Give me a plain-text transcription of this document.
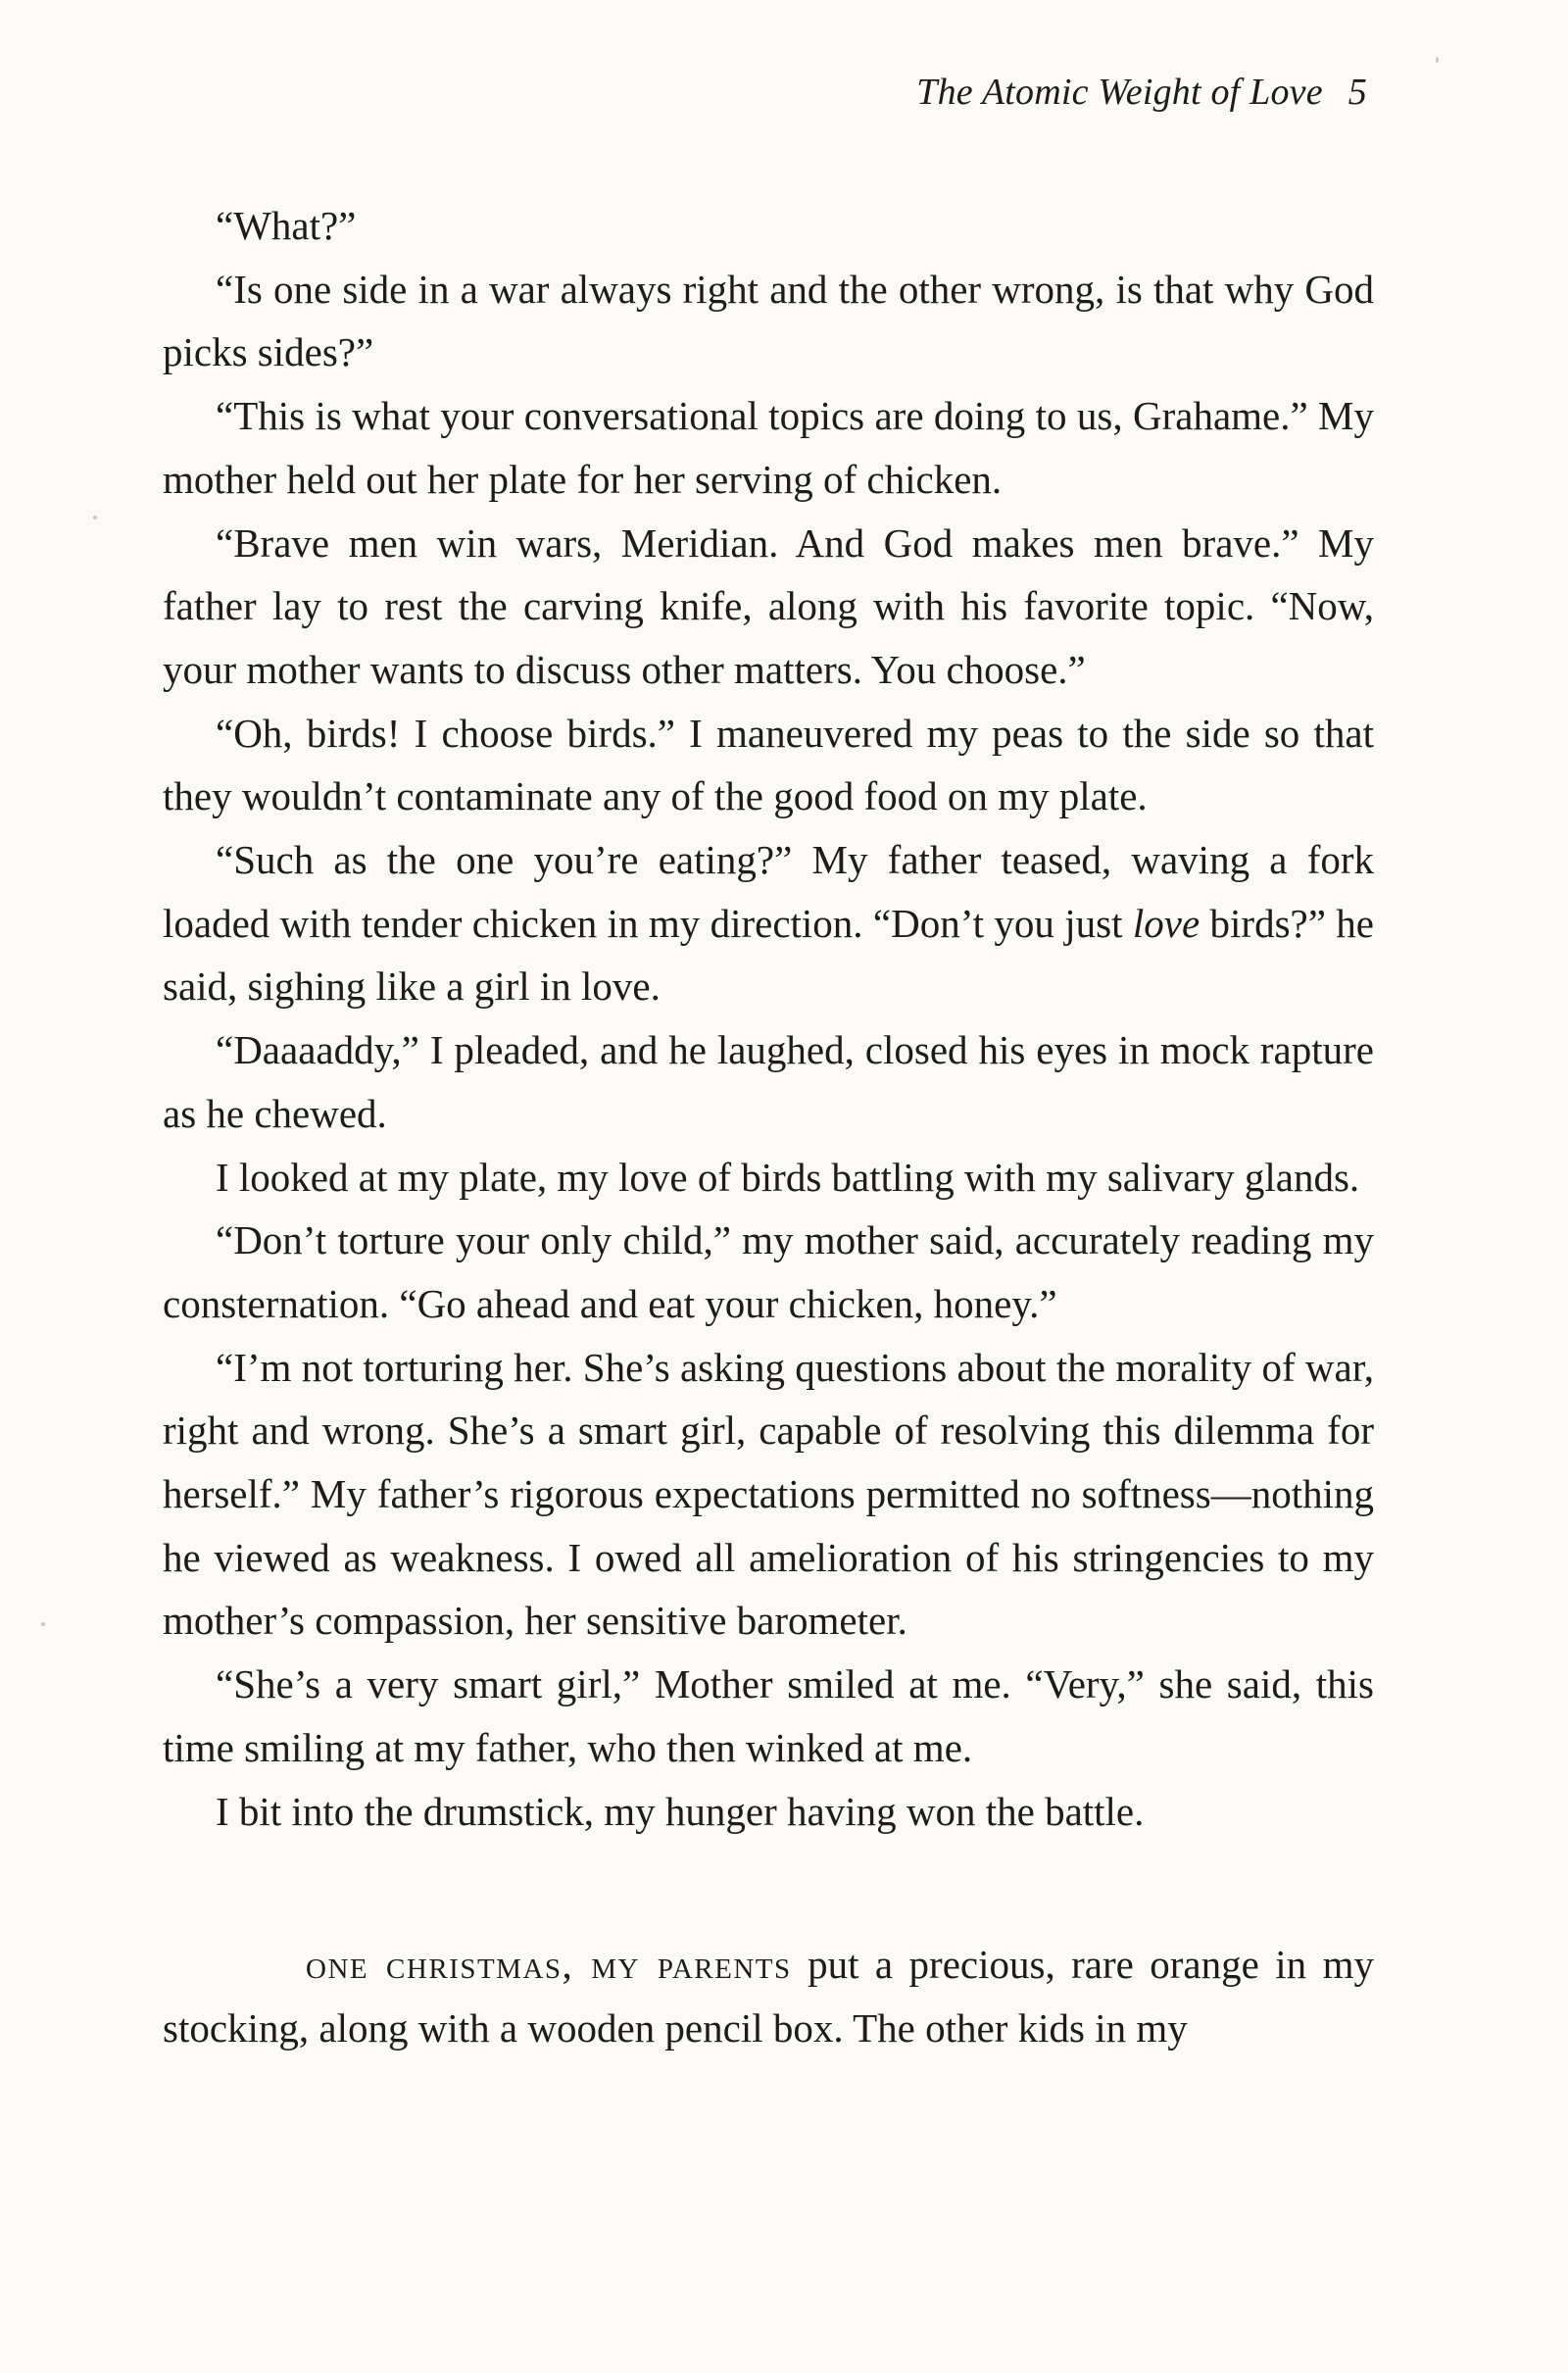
The Atomic Weight of Love 5

“What?”

“Is one side in a war always right and the other wrong, is that why God picks sides?”

“This is what your conversational topics are doing to us, Grahame.” My mother held out her plate for her serving of chicken.

“Brave men win wars, Meridian. And God makes men brave.” My father lay to rest the carving knife, along with his favorite topic. “Now, your mother wants to discuss other matters. You choose.”

“Oh, birds! I choose birds.” I maneuvered my peas to the side so that they wouldn’t contaminate any of the good food on my plate.

“Such as the one you’re eating?” My father teased, waving a fork loaded with tender chicken in my direction. “Don’t you just love birds?” he said, sighing like a girl in love.

“Daaaaddy,” I pleaded, and he laughed, closed his eyes in mock rapture as he chewed.

I looked at my plate, my love of birds battling with my salivary glands.

“Don’t torture your only child,” my mother said, accurately reading my consternation. “Go ahead and eat your chicken, honey.”

“I’m not torturing her. She’s asking questions about the morality of war, right and wrong. She’s a smart girl, capable of resolving this dilemma for herself.” My father’s rigorous expectations permitted no softness—nothing he viewed as weakness. I owed all amelioration of his stringencies to my mother’s compassion, her sensitive barometer.

“She’s a very smart girl,” Mother smiled at me. “Very,” she said, this time smiling at my father, who then winked at me.

I bit into the drumstick, my hunger having won the battle.

one christmas, my parents put a precious, rare orange in my stocking, along with a wooden pencil box. The other kids in my
